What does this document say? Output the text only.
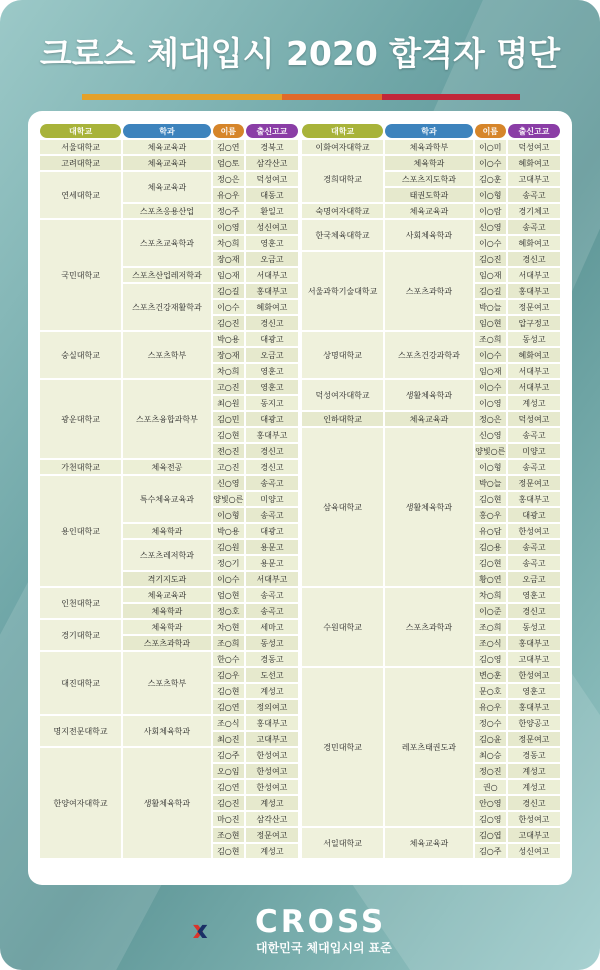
크로스 체대입시 2020 합격자 명단
대학교	학과	이름	출신고교
서울대학교	체육교육과	김○연	경북고
고려대학교	체육교육과	엄○토	삼각산고
연세대학교	체육교육과	정○은	덕성여고
		유○우	대동고
	스포츠응용산업	정○주	환일고
국민대학교	스포츠교육학과	이○영	성신여고
		차○희	영훈고
		장○재	오금고
	스포츠산업레저학과	임○재	서대부고
	스포츠건강재활학과	김○길	홍대부고
		이○수	혜화여고
		김○진	경신고
숭실대학교	스포츠학부	박○용	대광고
		장○재	오금고
		차○희	영훈고
광운대학교	스포츠융합과학부	고○진	영훈고
		최○원	동지고
		김○민	대광고
		김○현	홍대부고
		전○진	경신고
가천대학교	체육전공	고○진	경신고
용인대학교	특수체육교육과	신○영	송곡고
		양빛○른	미양고
		이○형	송곡고
	체육학과	박○용	대광고
	스포츠레저학과	김○원	용문고
		정○기	용문고
	격기지도과	이○수	서대부고
인천대학교	체육교육과	엄○현	송곡고
	체육학과	정○호	송곡고
경기대학교	체육학과	차○현	세마고
	스포츠과학과	조○희	동성고
대진대학교	스포츠학부	한○수	경동고
		김○우	도선고
		김○현	계성고
		김○연	정의여고
명지전문대학교	사회체육학과	조○식	홍대부고
		최○진	고대부고
한양여자대학교	생활체육학과	김○주	한성여고
		오○임	한성여고
		김○연	한성여고
		김○진	계성고
		마○진	삼각산고
		조○현	정문여고
		김○현	계성고
대학교	학과	이름	출신고교
이화여자대학교	체육과학부	이○미	덕성여고
경희대학교	체육학과	이○수	혜화여고
	스포츠지도학과	김○훈	고대부고
	태권도학과	이○형	송곡고
숙명여자대학교	체육교육과	이○람	경기체고
한국체육대학교	사회체육학과	신○영	송곡고
		이○수	혜화여고
서울과학기술대학교	스포츠과학과	김○진	경신고
		임○재	서대부고
		김○길	홍대부고
		박○늘	정문여고
		임○현	압구정고
상명대학교	스포츠건강과학과	조○희	동성고
		이○수	혜화여고
		임○재	서대부고
덕성여자대학교	생활체육학과	이○수	서대부고
		이○영	계성고
인하대학교	체육교육과	정○은	덕성여고
삼육대학교	생활체육학과	신○영	송곡고
		양빛○른	미양고
		이○형	송곡고
		박○늘	정문여고
		김○현	홍대부고
		홍○우	대광고
		유○담	한성여고
		김○용	송곡고
		김○현	송곡고
		황○연	오금고
수원대학교	스포츠과학과	차○희	영훈고
		이○준	경신고
		조○희	동성고
		조○식	홍대부고
		김○영	고대부고
경민대학교	레포츠태권도과	변○훈	한성여고
		문○호	영훈고
		유○우	홍대부고
		정○수	한양공고
		김○윤	정문여고
		최○승	경동고
		정○진	계성고
		권○	계성고
		안○영	경신고
		김○영	한성여고
서일대학교	체육교육과	김○엽	고대부고
		김○주	성신여고
CROSS
대한민국 체대입시의 표준
